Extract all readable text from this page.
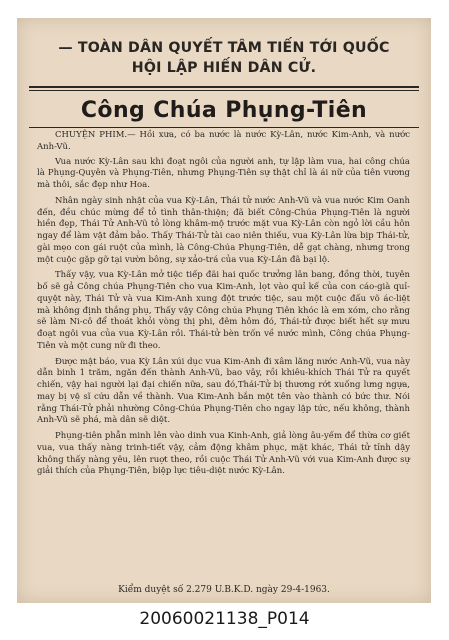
— TOÀN DÂN QUYẾT TÂM TIẾN TỚI QUỐC
HỘI LẬP HIẾN DÂN CỬ.
Công Chúa Phụng-Tiên

CHUYỆN PHIM.— Hồi xưa, có ba nước là nước Kỳ-Lân, nước Kim-Anh, và nước Anh-Vũ.

Vua nước Kỳ-Lân sau khi đoạt ngôi của người anh, tự lập làm vua, hai công chúa là Phụng-Quyên và Phụng-Tiên, nhưng Phụng-Tiên sự thật chỉ là ái nữ của tiên vương mà thôi, sắc đẹp như Hoa.

Nhân ngày sinh nhật của vua Kỳ-Lân, Thái tử nước Anh-Vũ và vua nước Kim Oanh đến, đều chúc mừng để tỏ tình thân-thiện; đã biết Công-Chúa Phụng-Tiên là người hiền đẹp, Thái Tử Anh-Vũ tỏ lòng khâm-mộ trước mặt vua Kỳ-Lân còn ngỏ lời cầu hôn ngay để làm vật đảm bảo. Thấy Thái-Tử tài cao niên thiếu, vua Kỳ-Lân lừa bịp Thái-tử, gài mẹo con gái ruột của mình, là Công-Chúa Phụng-Tiên, dễ gạt chàng, nhưng trong một cuộc gặp gỡ tại vườn bông, sự xảo-trá của vua Kỳ-Lân đã bại lộ.

Thấy vậy, vua Kỳ-Lân mở tiệc tiếp đãi hai quốc trưởng lân bang, đồng thời, tuyên bố sẽ gả Công chúa Phụng-Tiên cho vua Kim-Anh, lọt vào quỉ kế của con cáo-già quỉ-quyệt này, Thái Tử và vua Kim-Anh xung đột trước tiệc, sau một cuộc đấu võ ác-liệt mà không định thắng phụ, Thấy vậy Công chúa Phụng Tiên khóc là em xóm, cho rằng sẽ làm Ni-cô để thoát khỏi vòng thị phi, đêm hôm đó, Thái-tử được biết hết sự mưu đoạt ngôi vua của vua Kỳ-Lân rồi. Thái-tử bèn trốn về nước mình, Công chúa Phụng-Tiên và một cung nữ đi theo.

Được mật báo, vua Kỳ Lân xúi dục vua Kim-Anh đi xâm lăng nước Anh-Vũ, vua này dẫn binh 1 trăm, ngăn đến thành Anh-Vũ, bao vây, rồi khiêu-khích Thái Tử ra quyết chiến, vậy hai người lại đại chiến nữa, sau đó,Thái-Tử bị thương rớt xuống lưng ngựa, may bị vệ sĩ cứu dẫn về thành. Vua Kim-Anh bắn một tên vào thành có bức thư. Nói rằng Thái-Tử phải nhường Công-Chúa Phụng-Tiên cho ngay lập tức, nếu không, thành Anh-Vũ sẽ phá, mà dân sẽ diệt.

Phụng-tiên phẫn minh lên vào dinh vua Kinh-Anh, giả lòng âu-yếm để thừa cơ giết vua, vua thấy nàng trinh-tiết vậy, cảm động khâm phục, mặt khác, Thái tử tỉnh dậy không thấy nàng yêu, lên ruợt theo, rồi cuộc Thái Tử Anh-Vũ với vua Kim-Anh được sự giải thích của Phụng-Tiên, biệp lực tiêu-diệt nước Kỳ-Lân.

Kiểm duyệt số 2.279 U.B.K.D. ngày 29-4-1963.
20060021138_P014
